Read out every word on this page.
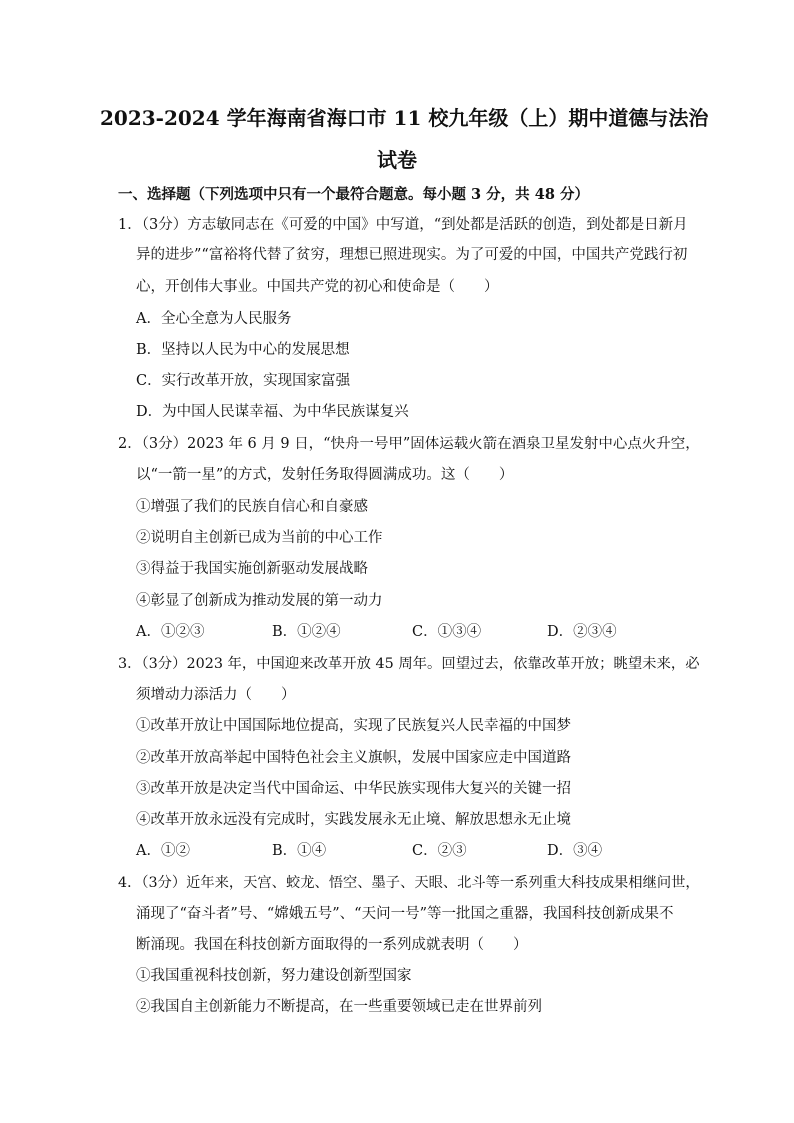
2023-2024 学年海南省海口市 11 校九年级（上）期中道德与法治
试卷
一、选择题（下列选项中只有一个最符合题意。每小题 3 分，共 48 分）
1．（3分）方志敏同志在《可爱的中国》中写道，“到处都是活跃的创造，到处都是日新月
异的进步”“富裕将代替了贫穷，理想已照进现实。为了可爱的中国，中国共产党践行初
心，开创伟大事业。中国共产党的初心和使命是（　　）
A．全心全意为人民服务
B．坚持以人民为中心的发展思想
C．实行改革开放，实现国家富强
D．为中国人民谋幸福、为中华民族谋复兴
2．（3分）2023 年 6 月 9 日，“快舟一号甲”固体运载火箭在酒泉卫星发射中心点火升空，
以“一箭一星”的方式，发射任务取得圆满成功。这（　　）
①增强了我们的民族自信心和自豪感
②说明自主创新已成为当前的中心工作
③得益于我国实施创新驱动发展战略
④彰显了创新成为推动发展的第一动力
A．①②③	B．①②④	C．①③④	D．②③④
3．（3分）2023 年，中国迎来改革开放 45 周年。回望过去，依靠改革开放；眺望未来，必
须增动力添活力（　　）
①改革开放让中国国际地位提高，实现了民族复兴人民幸福的中国梦
②改革开放高举起中国特色社会主义旗帜，发展中国家应走中国道路
③改革开放是决定当代中国命运、中华民族实现伟大复兴的关键一招
④改革开放永远没有完成时，实践发展永无止境、解放思想永无止境
A．①②	B．①④	C．②③	D．③④
4．（3分）近年来，天宫、蛟龙、悟空、墨子、天眼、北斗等一系列重大科技成果相继问世，
涌现了“奋斗者”号、“嫦娥五号”、“天问一号”等一批国之重器，我国科技创新成果不
断涌现。我国在科技创新方面取得的一系列成就表明（　　）
①我国重视科技创新，努力建设创新型国家
②我国自主创新能力不断提高，在一些重要领域已走在世界前列
